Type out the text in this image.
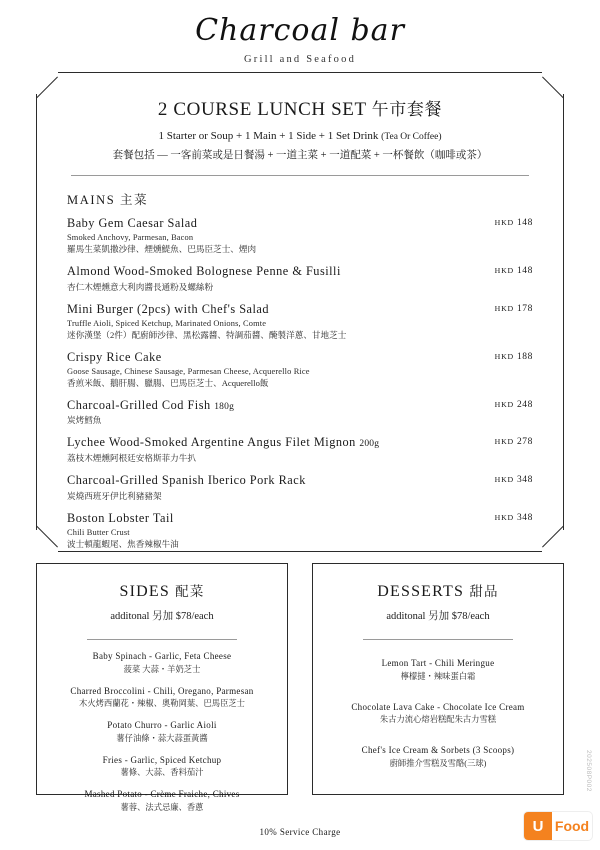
Charcoal bar
Grill and Seafood
2 COURSE LUNCH SET 午市套餐
1 Starter or Soup + 1 Main + 1 Side + 1 Set Drink (Tea Or Coffee)
套餐包括 — 一客前菜或是日餐湯 + 一道主菜 + 一道配菜 + 一杯餐飲（咖啡或茶）
MAINS 主菜
Baby Gem Caesar Salad
Smoked Anchovy, Parmesan, Bacon
羅馬生菜凱撒沙律、煙燻鯷魚、巴馬臣芝士、煙肉
HKD 148
Almond Wood-Smoked Bolognese Penne & Fusilli
杏仁木煙燻意大利肉醬長通粉及螺絲粉
HKD 148
Mini Burger (2pcs) with Chef's Salad
Truffle Aioli, Spiced Ketchup, Marinated Onions, Comte
迷你漢堡（2件）配廚師沙律、黑松露醬、特調茄醬、醃製洋蔥、甘地芝士
HKD 178
Crispy Rice Cake
Goose Sausage, Chinese Sausage, Parmesan Cheese, Acquerello Rice
香煎米飯、鵝肝腸、臘腸、巴馬臣芝士、Acquerello飯
HKD 188
Charcoal-Grilled Cod Fish 180g
炭烤鱈魚
HKD 248
Lychee Wood-Smoked Argentine Angus Filet Mignon 200g
荔枝木煙燻阿根廷安格斯菲力牛扒
HKD 278
Charcoal-Grilled Spanish Iberico Pork Rack
炭燒西班牙伊比利豬豬架
HKD 348
Boston Lobster Tail
Chili Butter Crust
波士頓龍蝦尾、焦香辣椒牛油
HKD 348
SIDES 配菜
additonal 另加 $78/each
Baby Spinach - Garlic, Feta Cheese
菠菜 大蒜・羊奶芝士
Charred Broccolini - Chili, Oregano, Parmesan
木火烤西蘭花・辣椒、奧勒岡葉、巴馬臣芝士
Potato Churro - Garlic Aioli
薯仔油條・蒜大蒜蛋黃醬
Fries - Garlic, Spiced Ketchup
薯條、大蒜、香料茄汁
Mashed Potato - Crème Fraiche, Chives
薯蓉、法式忌廉、香蔥
DESSERTS 甜品
additonal 另加 $78/each
Lemon Tart - Chili Meringue
檸檬撻・辣味蛋白霜
Chocolate Lava Cake - Chocolate Ice Cream
朱古力流心熔岩糕配朱古力雪糕
Chef's Ice Cream & Sorbets (3 Scoops)
廚師推介雪糕及雪酪(三球)	202508P002
10% Service Charge	U Food
